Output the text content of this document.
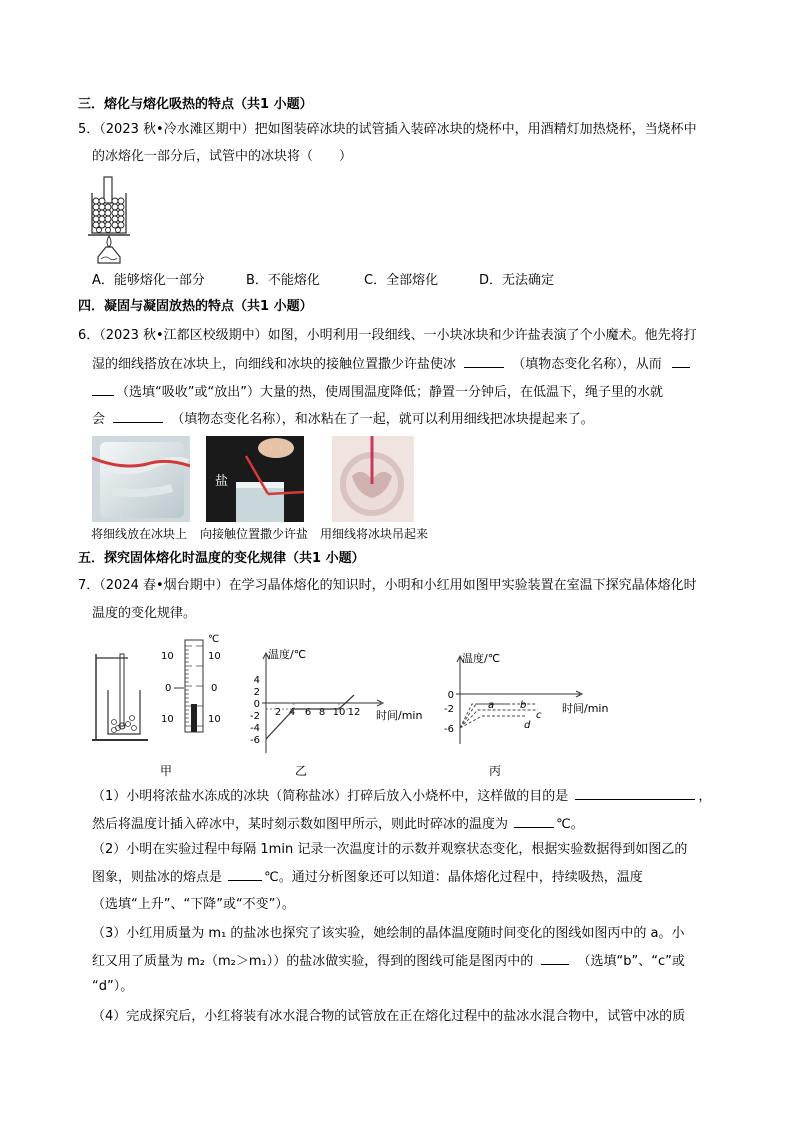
三．熔化与熔化吸热的特点（共1 小题）
5．（2023 秋•冷水滩区期中）把如图装碎冰块的试管插入装碎冰块的烧杯中，用酒精灯加热烧杯，当烧杯中
的冰熔化一部分后，试管中的冰块将（　　）
A．能够熔化一部分	B．不能熔化	C．全部熔化	D．无法确定
四．凝固与凝固放热的特点（共1 小题）
6．（2023 秋•江都区校级期中）如图，小明利用一段细线、一小块冰块和少许盐表演了个小魔术。他先将打
湿的细线搭放在冰块上，向细线和冰块的接触位置撒少许盐使冰	（填物态变化名称），从而
（选填“吸收”或“放出”）大量的热，使周围温度降低；静置一分钟后，在低温下，绳子里的水就
会	（填物态变化名称），和冰粘在了一起，就可以利用细线把冰块提起来了。
盐
将细线放在冰块上 向接触位置撒少许盐 用细线将冰块吊起来
五．探究固体熔化时温度的变化规律（共1 小题）
7．（2024 春•烟台期中）在学习晶体熔化的知识时，小明和小红用如图甲实验装置在室温下探究晶体熔化时
温度的变化规律。
℃
10	10
0	0
10	10
温度/℃
时间/min
4
2
0
-2
-4
-6
2 4 6 8 10 12
温度/℃
时间/min
0
-2
-6
a	b
c
d
甲	乙	丙
（1）小明将浓盐水冻成的冰块（简称盐冰）打碎后放入小烧杯中，这样做的目的是	，
然后将温度计插入碎冰中，某时刻示数如图甲所示，则此时碎冰的温度为	℃。
（2）小明在实验过程中每隔 1min 记录一次温度计的示数并观察状态变化，根据实验数据得到如图乙的
图象，则盐冰的熔点是	℃。通过分析图象还可以知道：晶体熔化过程中，持续吸热，温度
（选填“上升”、“下降”或“不变”）。
（3）小红用质量为 m₁ 的盐冰也探究了该实验，她绘制的晶体温度随时间变化的图线如图丙中的 a。小
红又用了质量为 m₂（m₂＞m₁））的盐冰做实验，得到的图线可能是图丙中的	（选填“b”、“c”或
“d”）。
（4）完成探究后，小红将装有冰水混合物的试管放在正在熔化过程中的盐冰水混合物中，试管中冰的质
